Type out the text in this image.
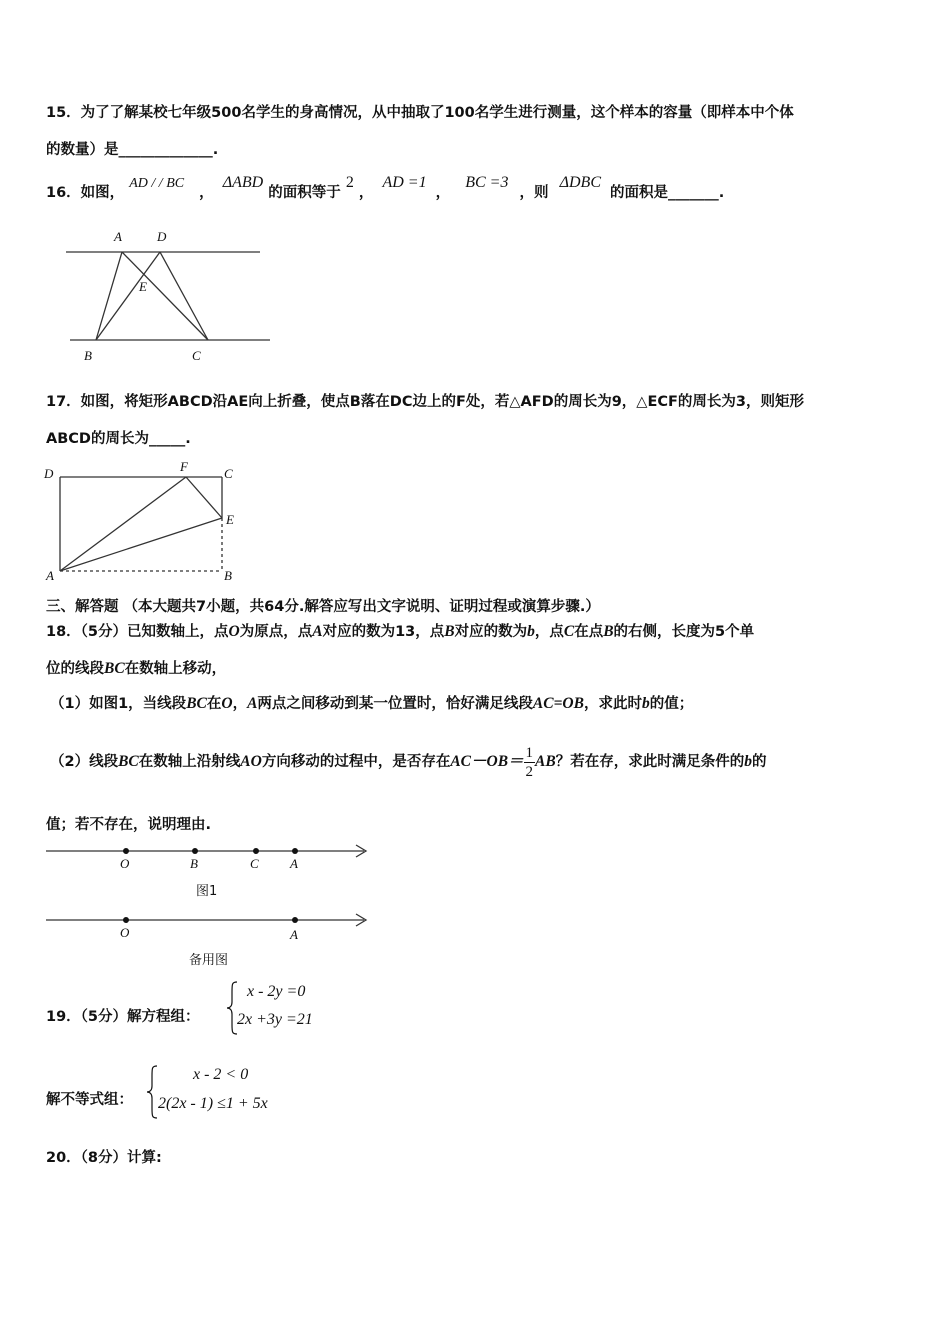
15．为了了解某校七年级500名学生的身高情况，从中抽取了100名学生进行测量，这个样本的容量（即样本中个体
的数量）是_____________.
16．如图， AD / / BC ， ΔABD 的面积等于 2 ， AD =1 ， BC =3 ，则 ΔDBC 的面积是_______.
A	D
E
B	C
17．如图，将矩形ABCD沿AE向上折叠，使点B落在DC边上的F处，若△AFD的周长为9，△ECF的周长为3，则矩形
ABCD的周长为_____.
D	F	C
E
A	B
三、解答题 （本大题共7小题，共64分.解答应写出文字说明、证明过程或演算步骤.）
18．（5分）已知数轴上，点O为原点，点A对应的数为13，点B对应的数为b，点C在点B的右侧，长度为5个单
位的线段BC在数轴上移动，
（1）如图1，当线段BC在O，A两点之间移动到某一位置时，恰好满足线段AC=OB，求此时b的值；
（2）线段BC在数轴上沿射线AO方向移动的过程中，是否存在$AC-OB= \frac{1}{2}$ AB？若在存，求此时满足条件的b的
值；若不存在，说明理由.
O	B	C A
图1
O	A
备用图
19．（5分）解方程组：
x - 2y =0
2x +3y =21
解不等式组：
x - 2 < 0
2(2x - 1) ≤1 + 5x
20．（8分）计算:
